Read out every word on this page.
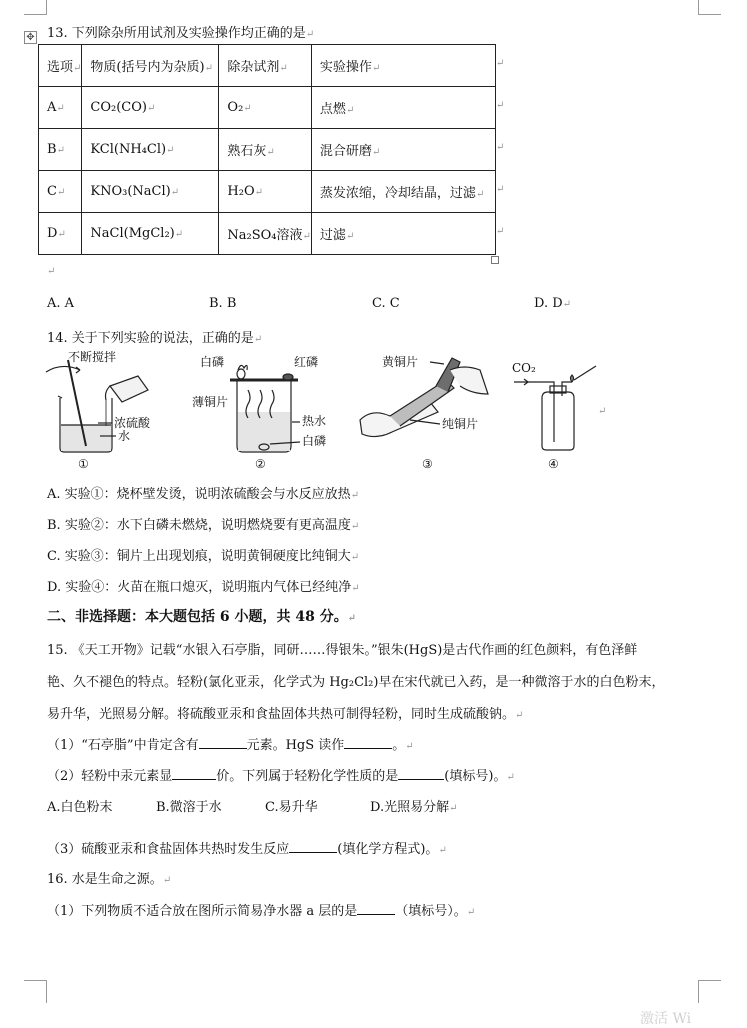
13. 下列除杂所用试剂及实验操作均正确的是↵
✥
选项↵	物质(括号内为杂质)↵	除杂试剂↵	实验操作↵
A↵	CO₂(CO)↵	O₂↵	点燃↵
B↵	KCl(NH₄Cl)↵	熟石灰↵	混合研磨↵
C↵	KNO₃(NaCl)↵	H₂O↵	蒸发浓缩，冷却结晶，过滤↵
D↵	NaCl(MgCl₂)↵	Na₂SO₄溶液↵	过滤↵
↵
↵
↵
↵
↵
↵
A. A	B. B	C. C	D. D↵
14. 关于下列实验的说法，正确的是↵
不断搅拌
浓硫酸
水
①
白磷	红磷
薄铜片
热水
白磷
②
黄铜片
纯铜片
③
CO₂
④
↵
A. 实验①：烧杯壁发烫，说明浓硫酸会与水反应放热↵
B. 实验②：水下白磷未燃烧，说明燃烧要有更高温度↵
C. 实验③：铜片上出现划痕，说明黄铜硬度比纯铜大↵
D. 实验④：火苗在瓶口熄灭，说明瓶内气体已经纯净↵
二、非选择题：本大题包括 6 小题，共 48 分。↵
15. 《天工开物》记载“水银入石亭脂，同研……得银朱。”银朱(HgS)是古代作画的红色颜料，有色泽鲜
艳、久不褪色的特点。轻粉(氯化亚汞，化学式为 Hg₂Cl₂)早在宋代就已入药，是一种微溶于水的白色粉末，
易升华，光照易分解。将硫酸亚汞和食盐固体共热可制得轻粉，同时生成硫酸钠。↵
（1）“石亭脂”中肯定含有	元素。HgS 读作	。↵
（2）轻粉中汞元素显	价。下列属于轻粉化学性质的是	(填标号)。↵
A.白色粉末	B.微溶于水	C.易升华	D.光照易分解↵
（3）硫酸亚汞和食盐固体共热时发生反应	(填化学方程式)。↵
16. 水是生命之源。↵
（1）下列物质不适合放在图所示简易净水器 a 层的是	（填标号）。↵
激活 Wi
